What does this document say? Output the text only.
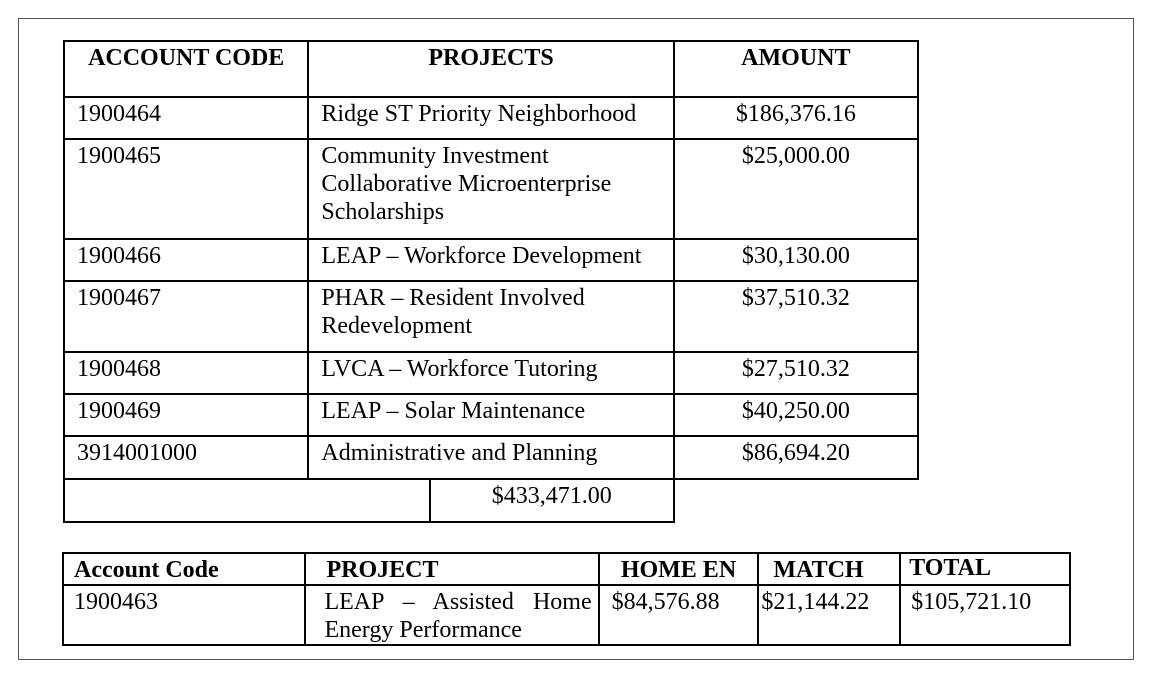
ACCOUNT CODE	PROJECTS	AMOUNT
1900464	Ridge ST Priority Neighborhood	$186,376.16
1900465	Community Investment Collaborative Microenterprise Scholarships	$25,000.00
1900466	LEAP – Workforce Development	$30,130.00
1900467	PHAR – Resident Involved Redevelopment	$37,510.32
1900468	LVCA – Workforce Tutoring	$27,510.32
1900469	LEAP – Solar Maintenance	$40,250.00
3914001000	Administrative and Planning	$86,694.20
	$433,471.00
Account Code	PROJECT	HOME EN	MATCH	TOTAL
1900463	LEAP – Assisted Home Energy Performance	$84,576.88	$21,144.22	$105,721.10
